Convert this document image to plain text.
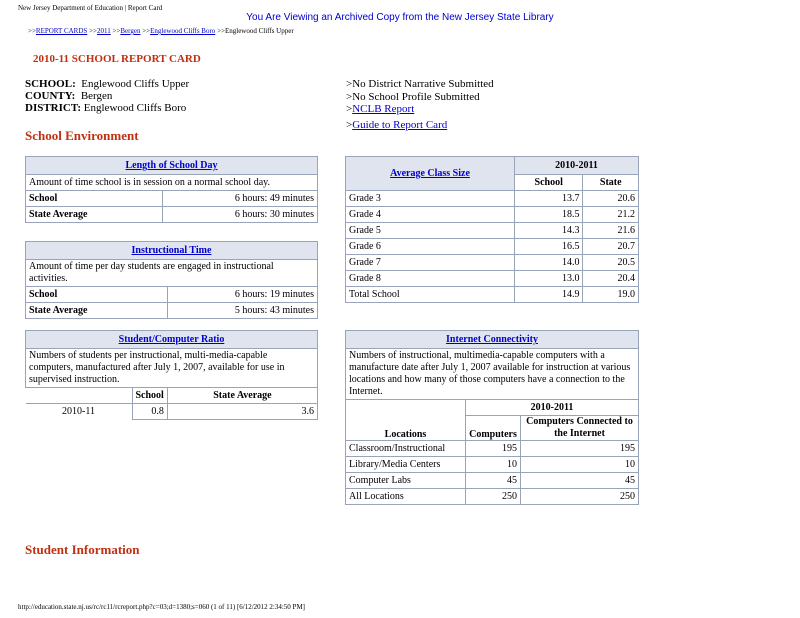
New Jersey Department of Education | Report Card
You Are Viewing an Archived Copy from the New Jersey State Library
>>REPORT CARDS >>2011 >>Bergen >>Englewood Cliffs Boro >>Englewood Cliffs Upper
2010-11 SCHOOL REPORT CARD
SCHOOL: Englewood Cliffs Upper
COUNTY: Bergen
DISTRICT: Englewood Cliffs Boro
>No District Narrative Submitted
>No School Profile Submitted
>NCLB Report
>Guide to Report Card
School Environment
Length of School Day	
Amount of time school is in session on a normal school day.	
School	6 hours: 49 minutes
State Average	6 hours: 30 minutes
Instructional Time	
Amount of time per day students are engaged in instructional activities.	
School	6 hours: 19 minutes
State Average	5 hours: 43 minutes
Student/Computer Ratio		
Numbers of students per instructional, multi-media-capable computers, manufactured after July 1, 2007, available for use in supervised instruction.		
	School	State Average
2010-11	0.8	3.6
Average Class Size	2010-2011	
	School	State
Grade 3	13.7	20.6
Grade 4	18.5	21.2
Grade 5	14.3	21.6
Grade 6	16.5	20.7
Grade 7	14.0	20.5
Grade 8	13.0	20.4
Total School	14.9	19.0
Internet Connectivity		
Numbers of instructional, multimedia-capable computers with a manufacture date after July 1, 2007 available for instruction at various locations and how many of those computers have a connection to the Internet.		
Locations	2010-2011	
	Computers	Computers Connected to the Internet
Classroom/Instructional	195	195
Library/Media Centers	10	10
Computer Labs	45	45
All Locations	250	250
Student Information
http://education.state.nj.us/rc/rc11/rcreport.php?c=03;d=1380;s=060 (1 of 11) [6/12/2012 2:34:50 PM]
